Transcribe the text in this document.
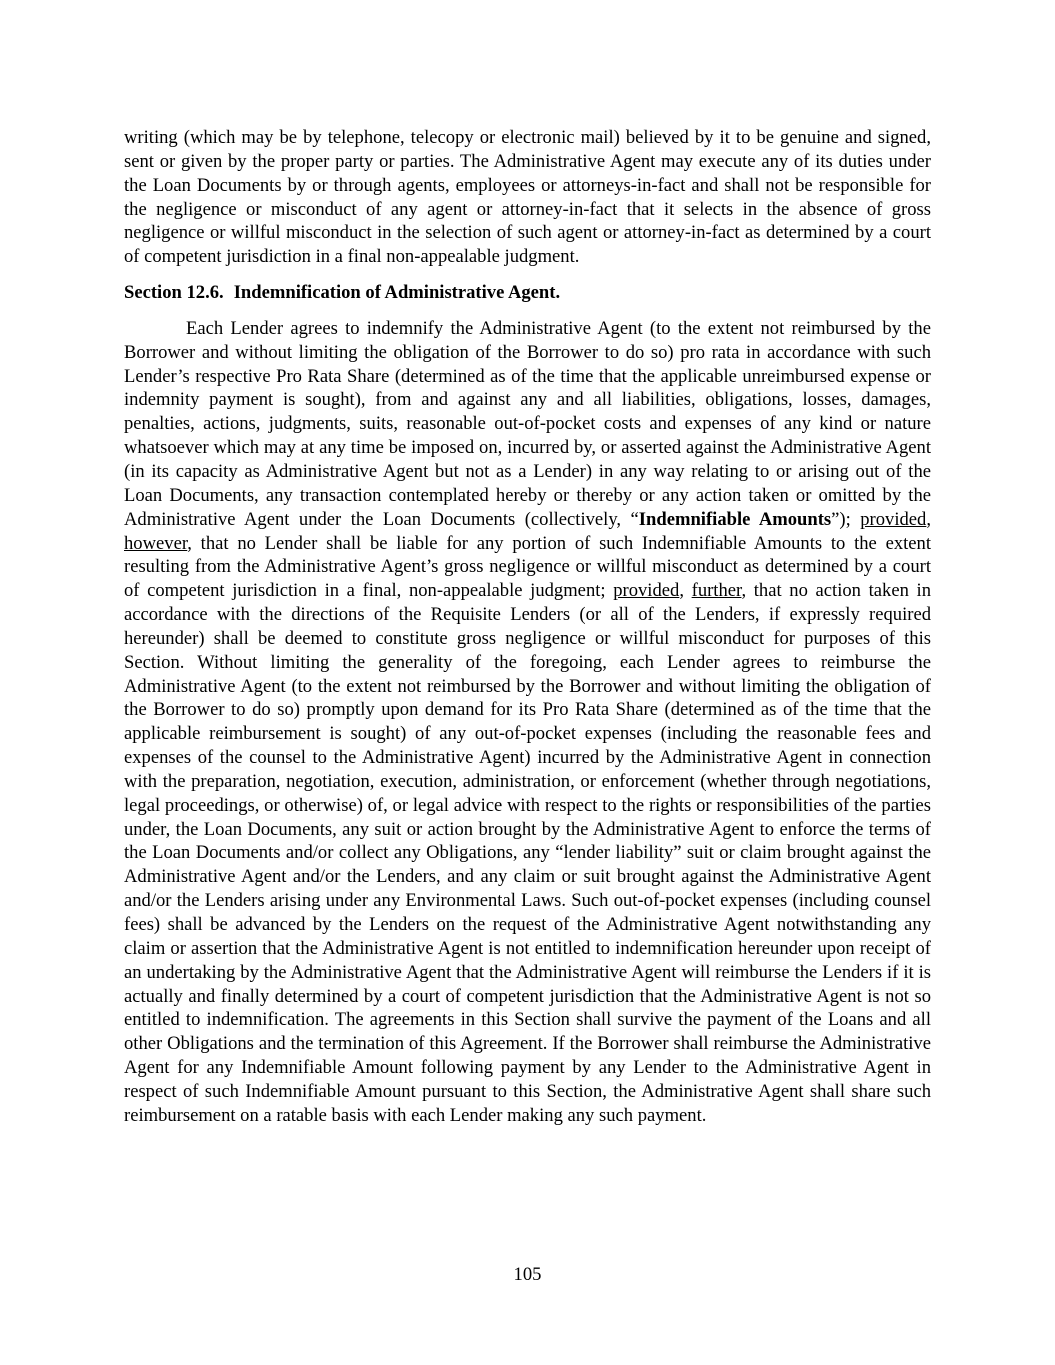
writing (which may be by telephone, telecopy or electronic mail) believed by it to be genuine and signed, sent or given by the proper party or parties. The Administrative Agent may execute any of its duties under the Loan Documents by or through agents, employees or attorneys-in-fact and shall not be responsible for the negligence or misconduct of any agent or attorney-in-fact that it selects in the absence of gross negligence or willful misconduct in the selection of such agent or attorney-in-fact as determined by a court of competent jurisdiction in a final non-appealable judgment.

Section 12.6. Indemnification of Administrative Agent.

Each Lender agrees to indemnify the Administrative Agent (to the extent not reimbursed by the Borrower and without limiting the obligation of the Borrower to do so) pro rata in accordance with such Lender’s respective Pro Rata Share (determined as of the time that the applicable unreimbursed expense or indemnity payment is sought), from and against any and all liabilities, obligations, losses, damages, penalties, actions, judgments, suits, reasonable out-of-pocket costs and expenses of any kind or nature whatsoever which may at any time be imposed on, incurred by, or asserted against the Administrative Agent (in its capacity as Administrative Agent but not as a Lender) in any way relating to or arising out of the Loan Documents, any transaction contemplated hereby or thereby or any action taken or omitted by the Administrative Agent under the Loan Documents (collectively, “Indemnifiable Amounts”); provided, however, that no Lender shall be liable for any portion of such Indemnifiable Amounts to the extent resulting from the Administrative Agent’s gross negligence or willful misconduct as determined by a court of competent jurisdiction in a final, non-appealable judgment; provided, further, that no action taken in accordance with the directions of the Requisite Lenders (or all of the Lenders, if expressly required hereunder) shall be deemed to constitute gross negligence or willful misconduct for purposes of this Section. Without limiting the generality of the foregoing, each Lender agrees to reimburse the Administrative Agent (to the extent not reimbursed by the Borrower and without limiting the obligation of the Borrower to do so) promptly upon demand for its Pro Rata Share (determined as of the time that the applicable reimbursement is sought) of any out-of-pocket expenses (including the reasonable fees and expenses of the counsel to the Administrative Agent) incurred by the Administrative Agent in connection with the preparation, negotiation, execution, administration, or enforcement (whether through negotiations, legal proceedings, or otherwise) of, or legal advice with respect to the rights or responsibilities of the parties under, the Loan Documents, any suit or action brought by the Administrative Agent to enforce the terms of the Loan Documents and/or collect any Obligations, any “lender liability” suit or claim brought against the Administrative Agent and/or the Lenders, and any claim or suit brought against the Administrative Agent and/or the Lenders arising under any Environmental Laws. Such out-of-pocket expenses (including counsel fees) shall be advanced by the Lenders on the request of the Administrative Agent notwithstanding any claim or assertion that the Administrative Agent is not entitled to indemnification hereunder upon receipt of an undertaking by the Administrative Agent that the Administrative Agent will reimburse the Lenders if it is actually and finally determined by a court of competent jurisdiction that the Administrative Agent is not so entitled to indemnification. The agreements in this Section shall survive the payment of the Loans and all other Obligations and the termination of this Agreement. If the Borrower shall reimburse the Administrative Agent for any Indemnifiable Amount following payment by any Lender to the Administrative Agent in respect of such Indemnifiable Amount pursuant to this Section, the Administrative Agent shall share such reimbursement on a ratable basis with each Lender making any such payment.

105
